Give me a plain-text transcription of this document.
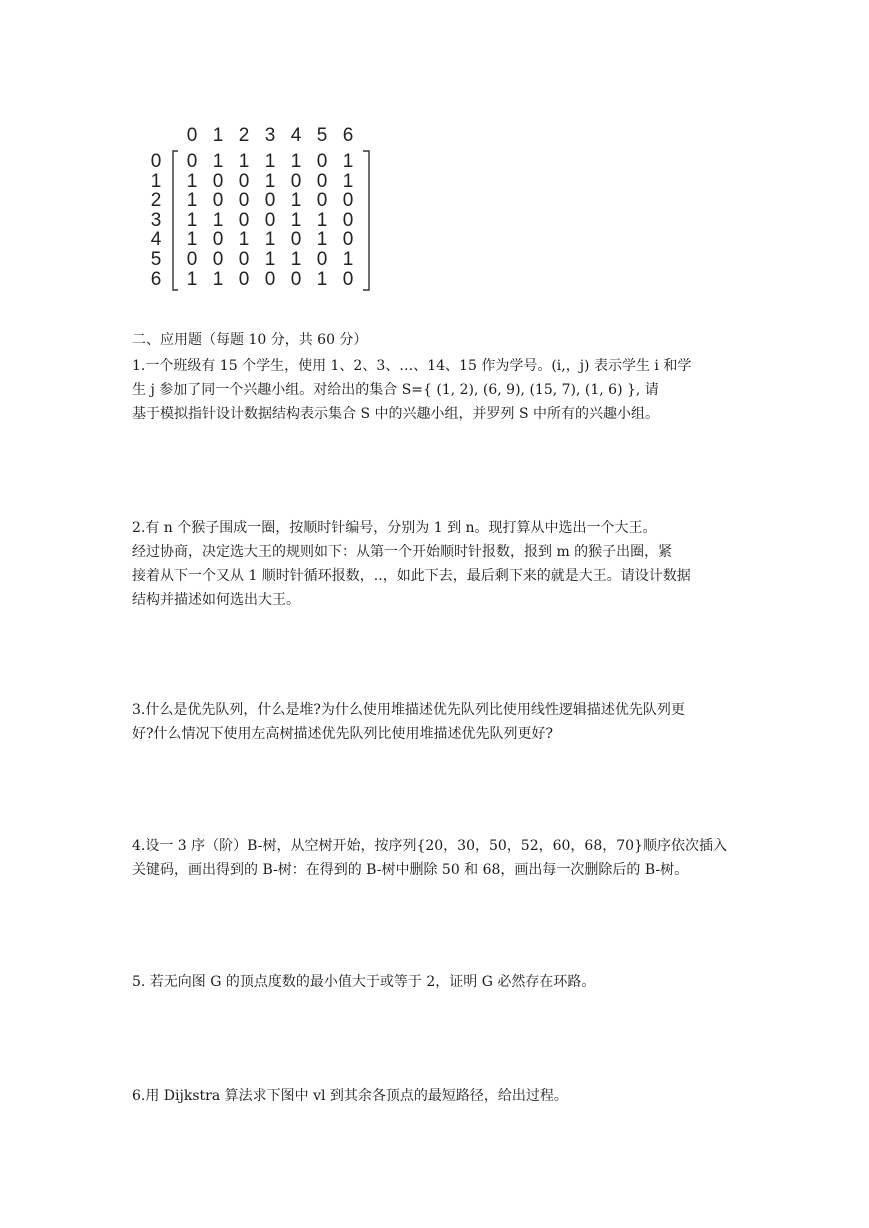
0 1 2 3 4 5 6
0 0 1 1 1 1 0 1
1 1 0 0 1 0 0 1
2 1 0 0 0 1 0 0
3 1 1 0 0 1 1 0
4 1 0 1 1 0 1 0
5 0 0 0 1 1 0 1
6 1 1 0 0 0 1 0
二、应用题（每题 10 分，共 60 分）
1.一个班级有 15 个学生，使用 1、2、3、…、14、15 作为学号。(i,，j) 表示学生 i 和学
生 j 参加了同一个兴趣小组。对给出的集合 S={ (1, 2), (6, 9), (15, 7), (1, 6) }, 请
基于模拟指针设计数据结构表示集合 S 中的兴趣小组，并罗列 S 中所有的兴趣小组。
2.有 n 个猴子围成一圈，按顺时针编号，分别为 1 到 n。现打算从中选出一个大王。
经过协商，决定选大王的规则如下：从第一个开始顺时针报数，报到 m 的猴子出圈，紧
接着从下一个又从 1 顺时针循环报数，..，如此下去，最后剩下来的就是大王。请设计数据
结构并描述如何选出大王。
3.什么是优先队列，什么是堆?为什么使用堆描述优先队列比使用线性逻辑描述优先队列更
好?什么情况下使用左高树描述优先队列比使用堆描述优先队列更好?
4.设一 3 序（阶）B-树，从空树开始，按序列{20，30，50，52，60，68，70}顺序依次插入
关键码，画出得到的 B-树：在得到的 B-树中删除 50 和 68，画出每一次删除后的 B-树。
5. 若无向图 G 的顶点度数的最小值大于或等于 2，证明 G 必然存在环路。
6.用 Dijkstra 算法求下图中 vl 到其余各顶点的最短路径，给出过程。
